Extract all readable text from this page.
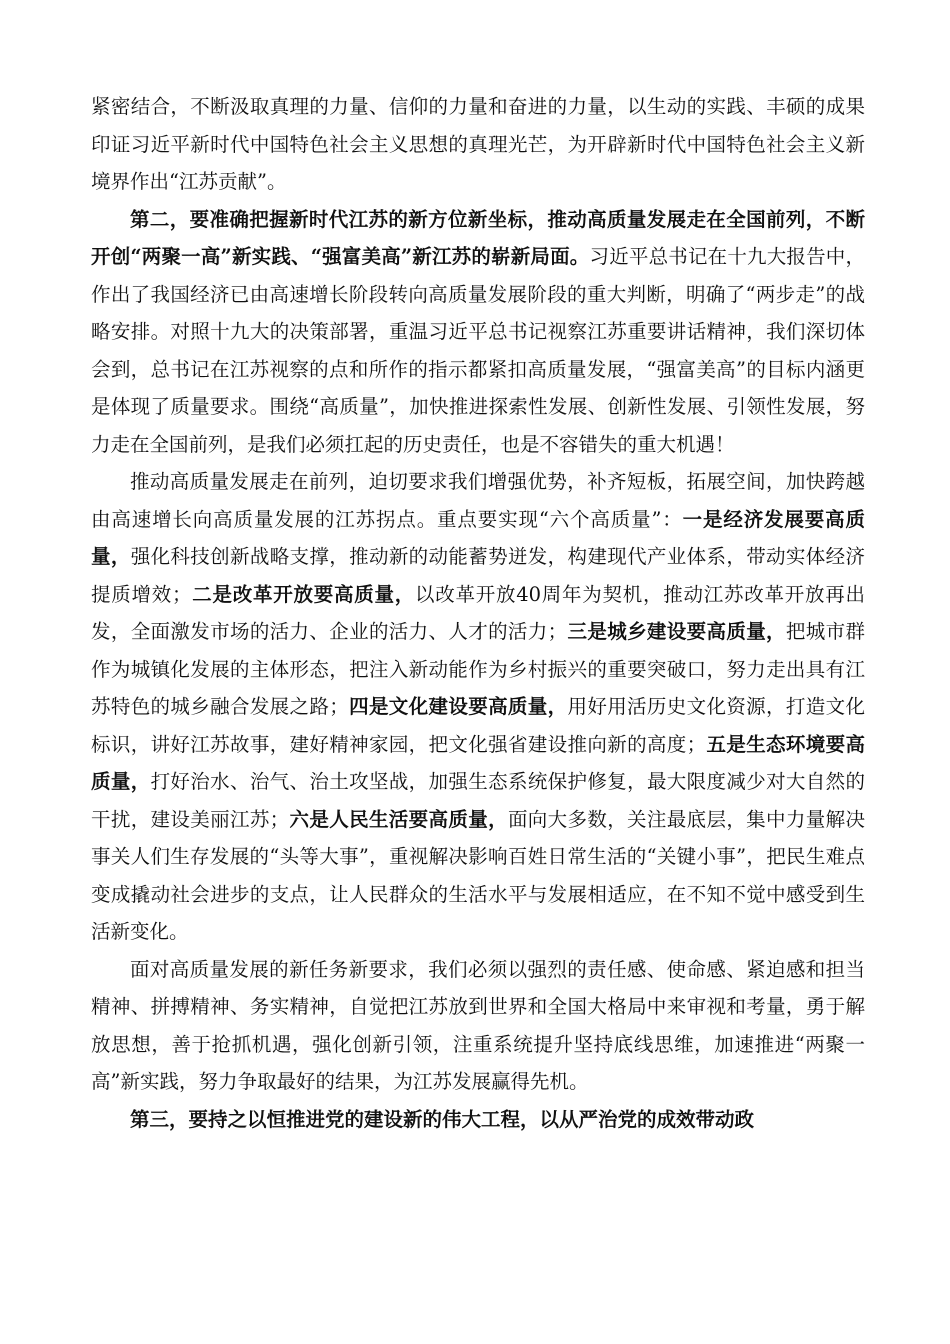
紧密结合，不断汲取真理的力量、信仰的力量和奋进的力量，以生动的实践、丰硕的成果印证习近平新时代中国特色社会主义思想的真理光芒，为开辟新时代中国特色社会主义新境界作出“江苏贡献”。

第二，要准确把握新时代江苏的新方位新坐标，推动高质量发展走在全国前列，不断开创“两聚一高”新实践、“强富美高”新江苏的崭新局面。习近平总书记在十九大报告中，作出了我国经济已由高速增长阶段转向高质量发展阶段的重大判断，明确了“两步走”的战略安排。对照十九大的决策部署，重温习近平总书记视察江苏重要讲话精神，我们深切体会到，总书记在江苏视察的点和所作的指示都紧扣高质量发展，“强富美高”的目标内涵更是体现了质量要求。围绕“高质量”，加快推进探索性发展、创新性发展、引领性发展，努力走在全国前列，是我们必须扛起的历史责任，也是不容错失的重大机遇！

推动高质量发展走在前列，迫切要求我们增强优势，补齐短板，拓展空间，加快跨越由高速增长向高质量发展的江苏拐点。重点要实现“六个高质量”：一是经济发展要高质量，强化科技创新战略支撑，推动新的动能蓄势迸发，构建现代产业体系，带动实体经济提质增效；二是改革开放要高质量，以改革开放40周年为契机，推动江苏改革开放再出发，全面激发市场的活力、企业的活力、人才的活力；三是城乡建设要高质量，把城市群作为城镇化发展的主体形态，把注入新动能作为乡村振兴的重要突破口，努力走出具有江苏特色的城乡融合发展之路；四是文化建设要高质量，用好用活历史文化资源，打造文化标识，讲好江苏故事，建好精神家园，把文化强省建设推向新的高度；五是生态环境要高质量，打好治水、治气、治土攻坚战，加强生态系统保护修复，最大限度减少对大自然的干扰，建设美丽江苏；六是人民生活要高质量，面向大多数，关注最底层，集中力量解决事关人们生存发展的“头等大事”，重视解决影响百姓日常生活的“关键小事”，把民生难点变成撬动社会进步的支点，让人民群众的生活水平与发展相适应，在不知不觉中感受到生活新变化。

面对高质量发展的新任务新要求，我们必须以强烈的责任感、使命感、紧迫感和担当精神、拼搏精神、务实精神，自觉把江苏放到世界和全国大格局中来审视和考量，勇于解放思想，善于抢抓机遇，强化创新引领，注重系统提升坚持底线思维，加速推进“两聚一高”新实践，努力争取最好的结果，为江苏发展赢得先机。

第三，要持之以恒推进党的建设新的伟大工程，以从严治党的成效带动政
